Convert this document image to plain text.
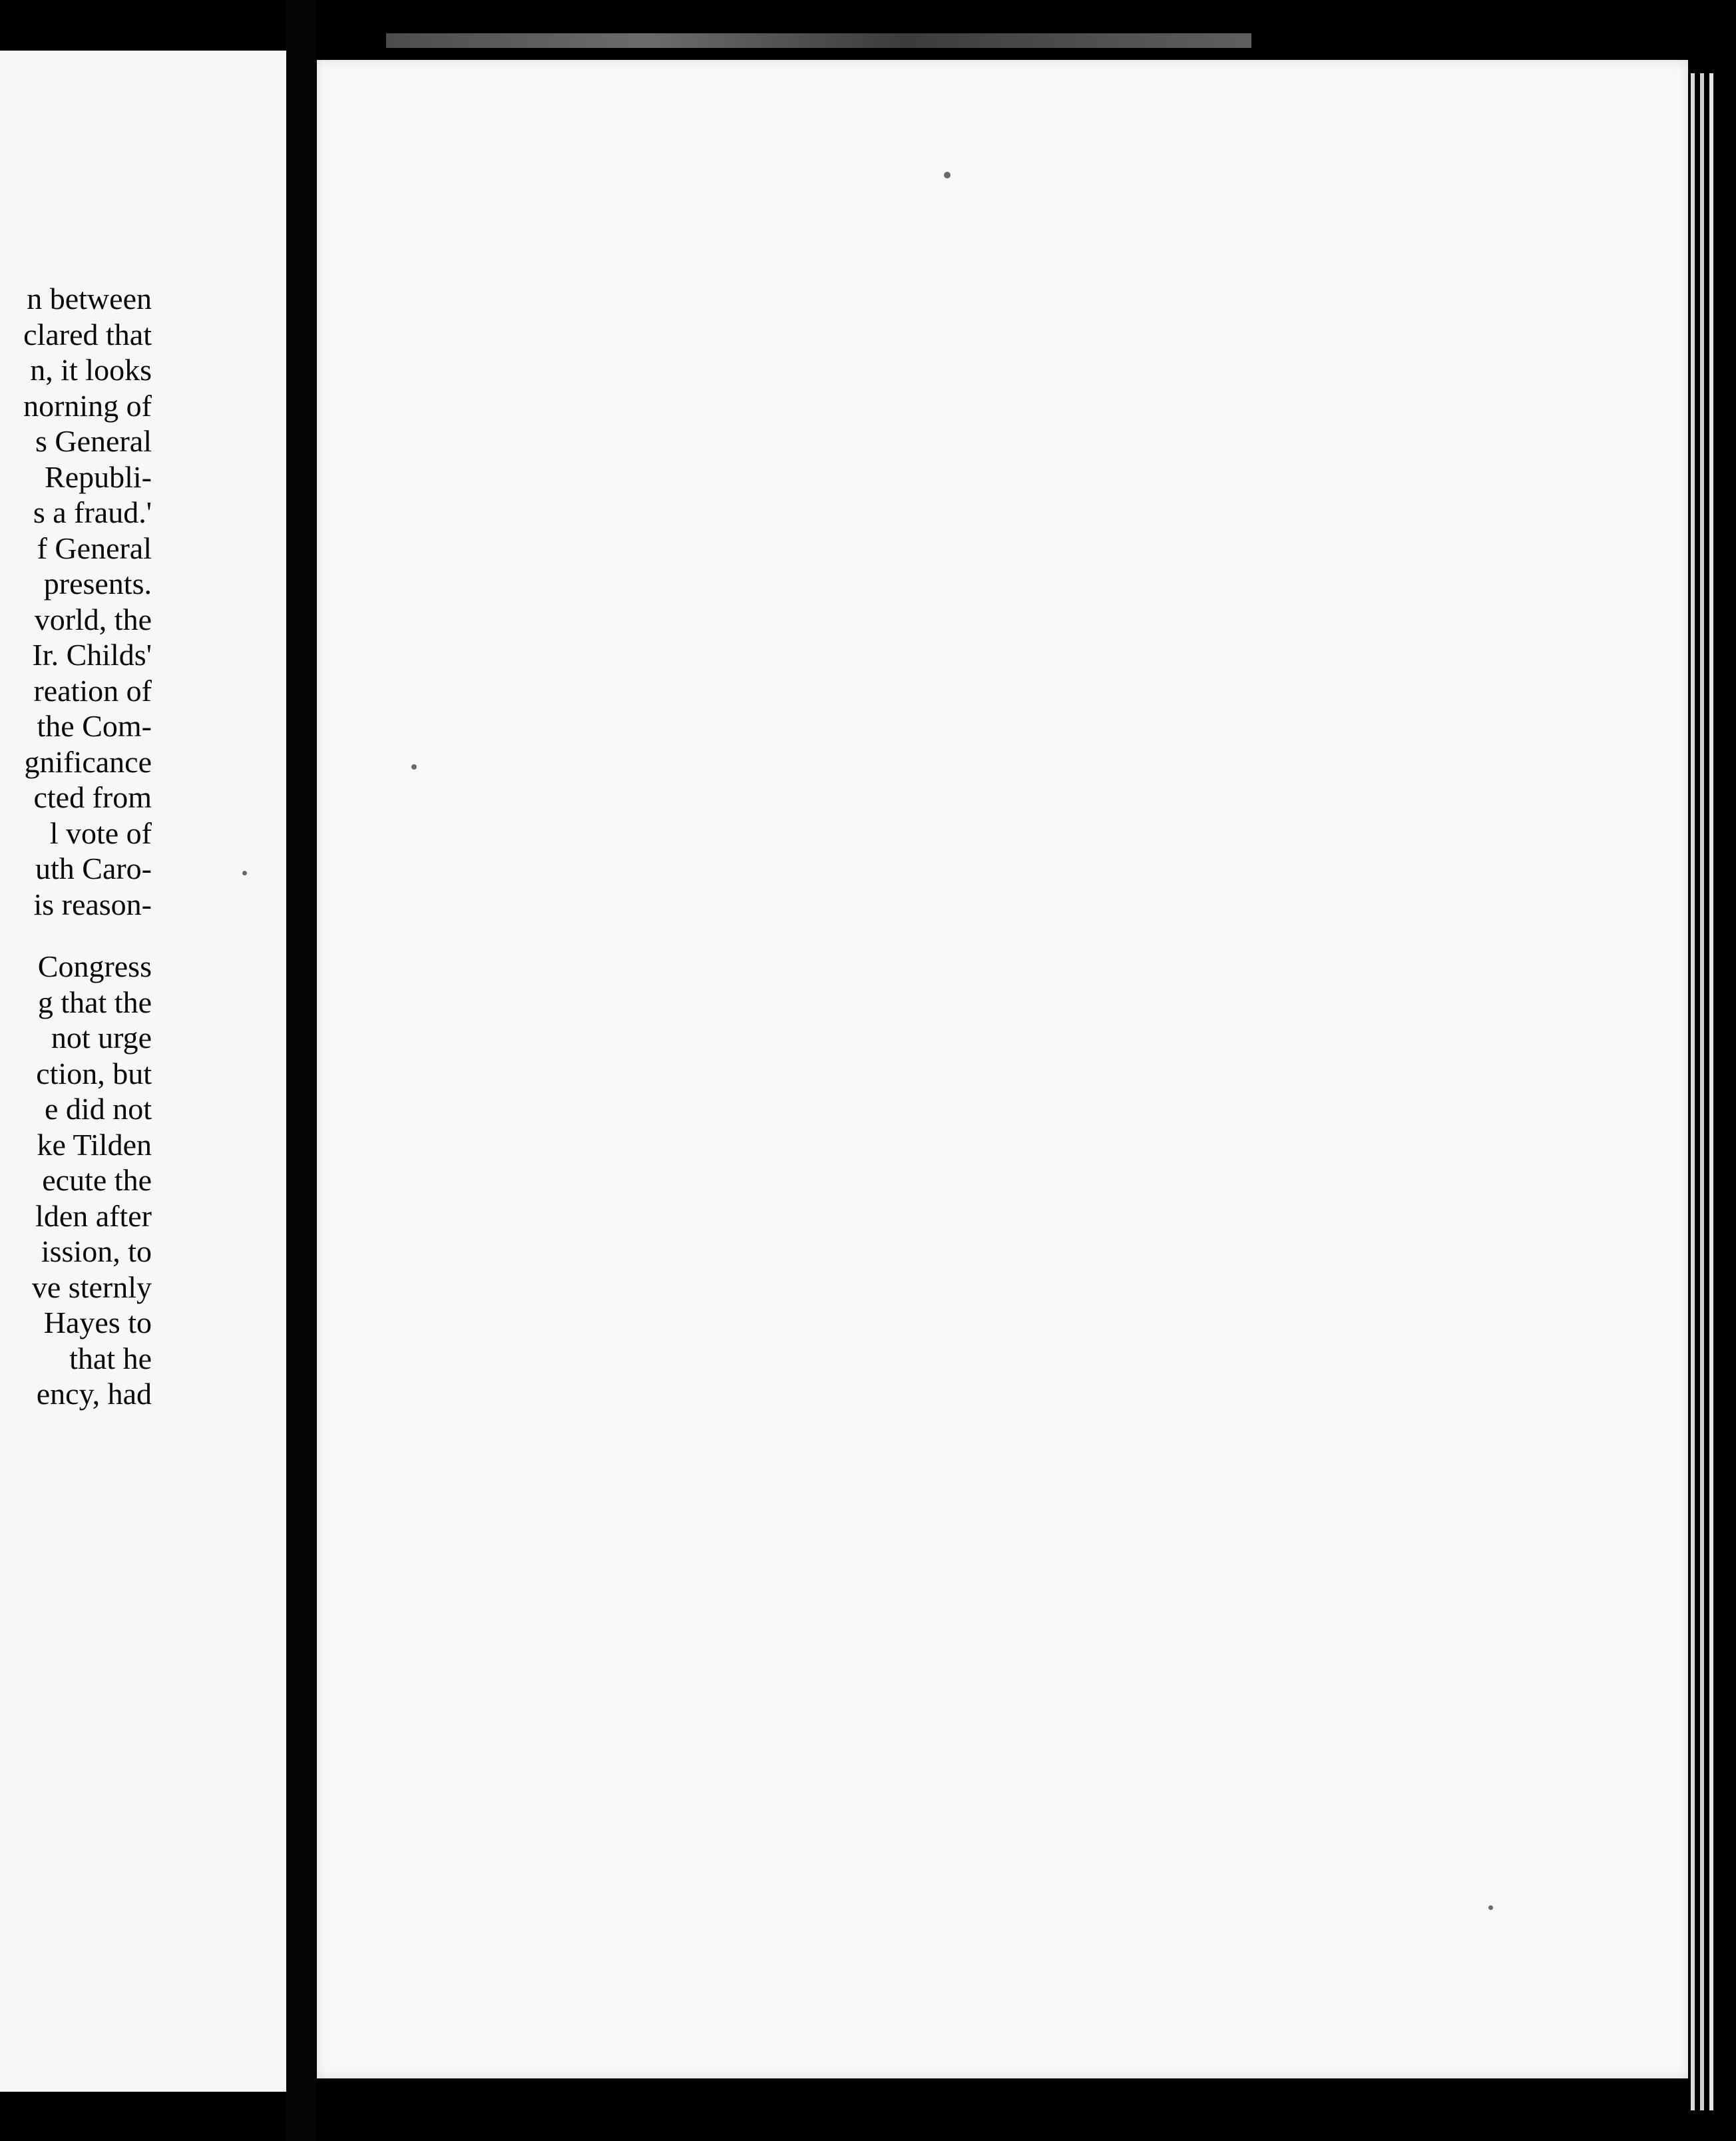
n between
clared that
n, it looks
norning of
s General
Republi-
s a fraud.'
f General
presents.
vorld, the
Ir. Childs'
reation of
the Com-
gnificance
cted from
l vote of
uth Caro-
is reason-
Congress
g that the
not urge
ction, but
e did not
ke Tilden
ecute the
lden after
ission, to
ve sternly
Hayes to
that he
ency, had
